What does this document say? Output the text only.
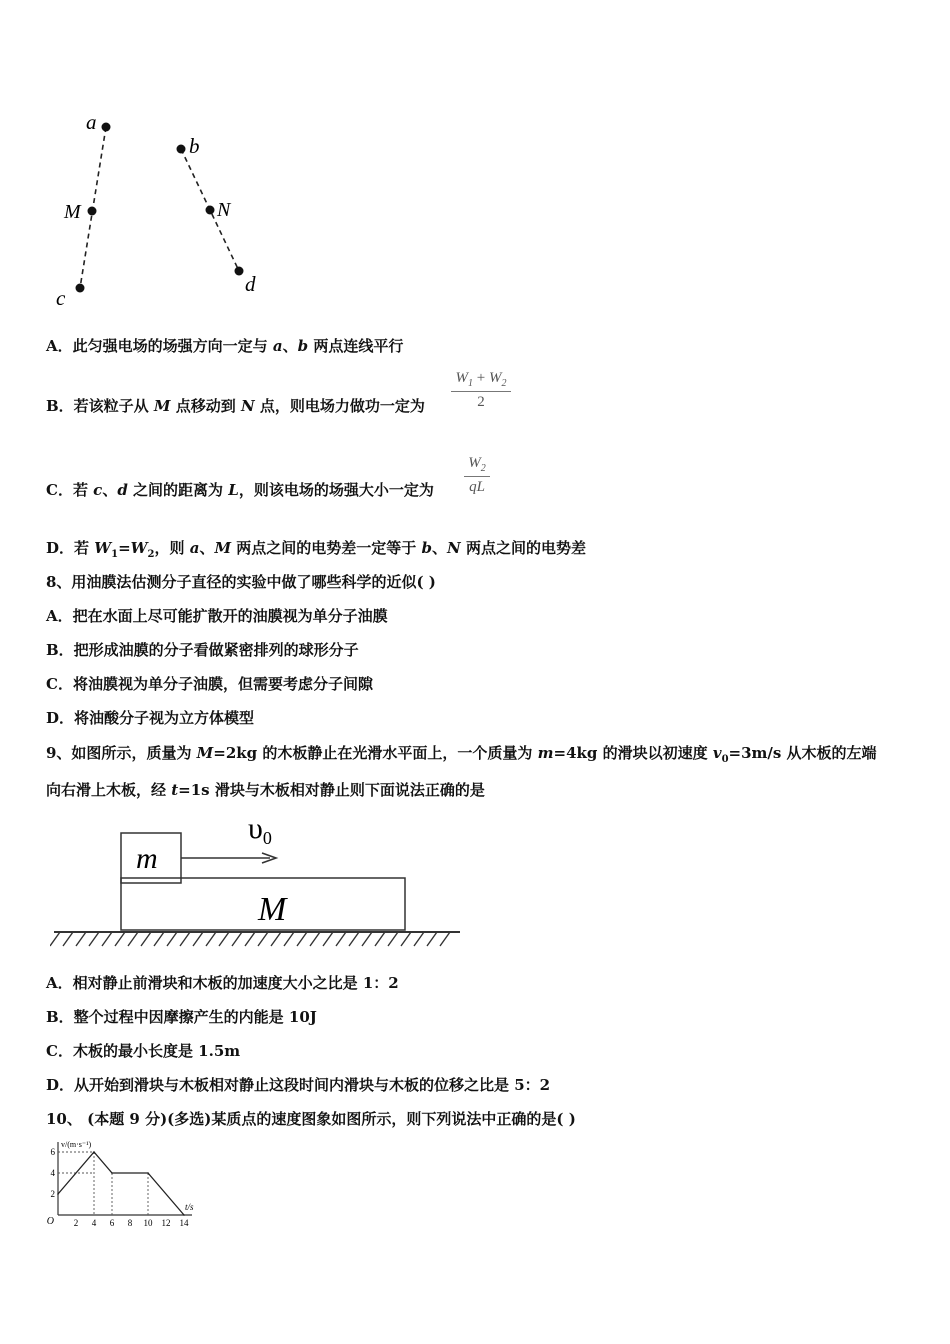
a
M
c
b
N
d
A．此匀强电场的场强方向一定与 a、b 两点连线平行
B．若该粒子从 M 点移动到 N 点，则电场力做功一定为
$W_1 + W_2$
2
C．若 c、d 之间的距离为 L，则该电场的场强大小一定为
$W_2$
qL
D．若 $W_1=W_2$，则 a、M 两点之间的电势差一定等于 b、N 两点之间的电势差
8、用油膜法估测分子直径的实验中做了哪些科学的近似( )
A．把在水面上尽可能扩散开的油膜视为单分子油膜
B．把形成油膜的分子看做紧密排列的球形分子
C．将油膜视为单分子油膜，但需要考虑分子间隙
D．将油酸分子视为立方体模型
9、如图所示，质量为 M=2kg 的木板静止在光滑水平面上，一个质量为 m=4kg 的滑块以初速度 $v_0=3m/s$ 从木板的左端
向右滑上木板，经 t=1s 滑块与木板相对静止则下面说法正确的是
m
M
$\upsilon_0$
A．相对静止前滑块和木板的加速度大小之比是 1：2
B．整个过程中因摩擦产生的内能是 10J
C．木板的最小长度是 1.5m
D．从开始到滑块与木板相对静止这段时间内滑块与木板的位移之比是 5：2
10、 (本题 9 分)(多选)某质点的速度图象如图所示，则下列说法中正确的是( )
2 4 6 8 10 12 14
2
4
6
O
t/s
v/(m·s⁻¹)
